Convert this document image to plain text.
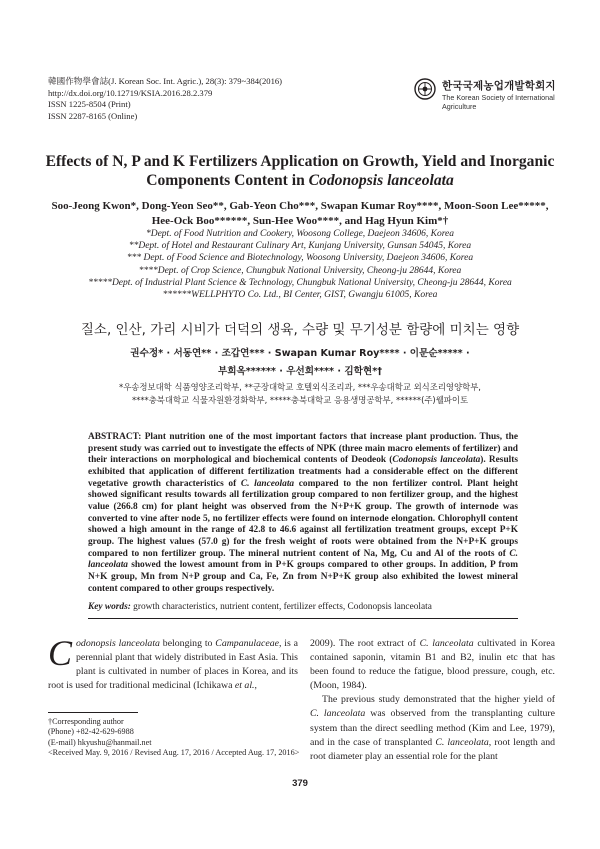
韓國作物學會誌(J. Korean Soc. Int. Agric.), 28(3): 379~384(2016)
http://dx.doi.org/10.12719/KSIA.2016.28.2.379
ISSN 1225-8504 (Print)
ISSN 2287-8165 (Online)
한국국제농업개발학회지
The Korean Society of International
Agriculture
Effects of N, P and K Fertilizers Application on Growth, Yield and Inorganic
Components Content in Codonopsis lanceolata
Soo-Jeong Kwon*, Dong-Yeon Seo**, Gab-Yeon Cho***, Swapan Kumar Roy****, Moon-Soon Lee*****,
Hee-Ock Boo******, Sun-Hee Woo****, and Hag Hyun Kim*†
*Dept. of Food Nutrition and Cookery, Woosong College, Daejeon 34606, Korea
**Dept. of Hotel and Restaurant Culinary Art, Kunjang University, Gunsan 54045, Korea
*** Dept. of Food Science and Biotechnology, Woosong University, Daejeon 34606, Korea
****Dept. of Crop Science, Chungbuk National University, Cheong-ju 28644, Korea
*****Dept. of Industrial Plant Science & Technology, Chungbuk National University, Cheong-ju 28644, Korea
******WELLPHYTO Co. Ltd., BI Center, GIST, Gwangju 61005, Korea
질소, 인산, 가리 시비가 더덕의 생육, 수량 및 무기성분 함량에 미치는 영향
권수정* · 서동연** · 조갑연*** · Swapan Kumar Roy**** · 이문순***** ·
부희옥****** · 우선희**** · 김학현*†
*우송정보대학 식품영양조리학부, **군장대학교 호텔외식조리과, ***우송대학교 외식조리영양학부,
****충북대학교 식물자원환경화학부, *****충북대학교 응용생명공학부, ******(주)웰파이토
ABSTRACT: Plant nutrition one of the most important factors that increase plant production. Thus, the present study was carried out to investigate the effects of NPK (three main macro elements of fertilizer) and their interactions on morphological and biochemical contents of Deodeok (Codonopsis lanceolata). Results exhibited that application of different fertilization treatments had a considerable effect on the different vegetative growth characteristics of C. lanceolata compared to the non fertilizer control. Plant height showed significant results towards all fertilization group compared to non fertilizer group, and the highest value (266.8 cm) for plant height was observed from the N+P+K group. The growth of internode was converted to vine after node 5, no fertilizer effects were found on internode elongation. Chlorophyll content showed a high amount in the range of 42.8 to 46.6 against all fertilization treatment groups, except P+K group. The highest values (57.0 g) for the fresh weight of roots were obtained from the N+P+K groups compared to non fertilizer group. The mineral nutrient content of Na, Mg, Cu and Al of the roots of C. lanceolata showed the lowest amount from in P+K groups compared to other groups. In addition, P from N+K group, Mn from N+P group and Ca, Fe, Zn from N+P+K group also exhibited the lowest mineral content compared to other groups respectively.
Key words: growth characteristics, nutrient content, fertilizer effects, Codonopsis lanceolata
Codonopsis lanceolata belonging to Campanulaceae, is a perennial plant that widely distributed in East Asia. This plant is cultivated in number of places in Korea, and its root is used for traditional medicinal (Ichikawa et al.,
2009). The root extract of C. lanceolata cultivated in Korea contained saponin, vitamin B1 and B2, inulin etc that has been found to reduce the fatigue, blood pressure, cough, etc. (Moon, 1984).
The previous study demonstrated that the higher yield of C. lanceolata was observed from the transplanting culture system than the direct seedling method (Kim and Lee, 1979), and in the case of transplanted C. lanceolata, root length and root diameter play an essential role for the plant
†Corresponding author
(Phone) +82-42-629-6988
(E-mail) hkyushu@hanmail.net
<Received May. 9, 2016 / Revised Aug. 17, 2016 / Accepted Aug. 17, 2016>
379
